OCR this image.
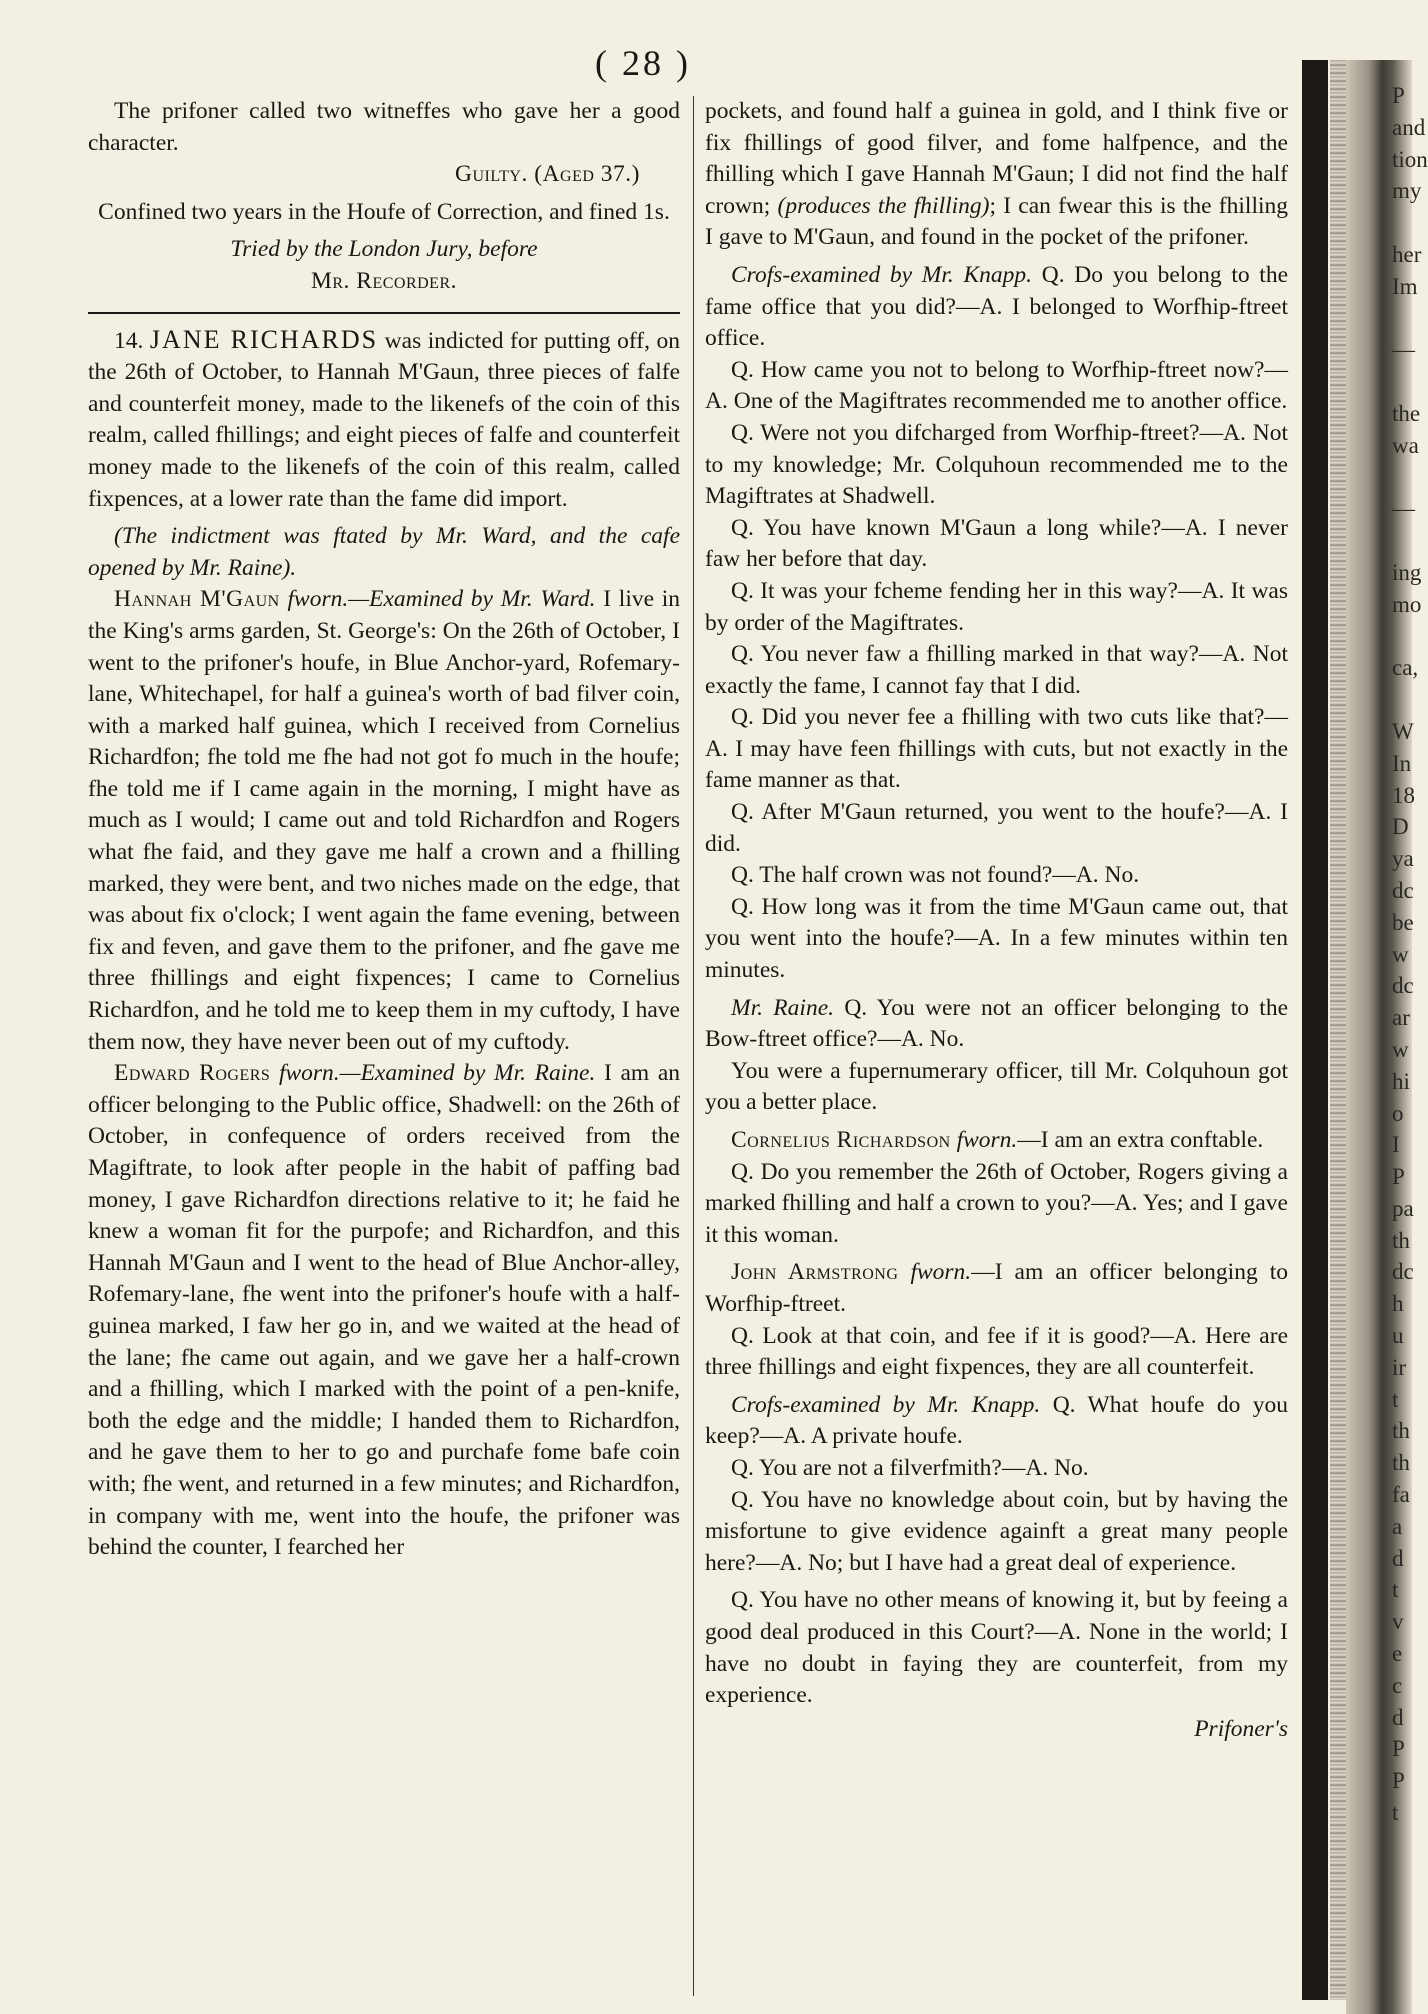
P
and
tion
my

her
Im

—

the
wa

—

ing
mo

ca,

W
In
18
D
ya
dc
be
w
dc
ar
w
hi
o
I
P
pa
th
dc
h
u
ir
t
th
th
fa
a
d
t
v
e
c
d
P
P
t
( 28 )

The prifoner called two witneffes who gave her a good character.

Guilty. (Aged 37.)

Confined two years in the Houfe of Correction, and fined 1s.

Tried by the London Jury, before

Mr. Recorder.

14. JANE RICHARDS was indicted for putting off, on the 26th of October, to Hannah M'Gaun, three pieces of falfe and counterfeit money, made to the likenefs of the coin of this realm, called fhillings; and eight pieces of falfe and counterfeit money made to the likenefs of the coin of this realm, called fixpences, at a lower rate than the fame did import.

(The indictment was ftated by Mr. Ward, and the cafe opened by Mr. Raine).

Hannah M'Gaun fworn.—Examined by Mr. Ward. I live in the King's arms garden, St. George's: On the 26th of October, I went to the prifoner's houfe, in Blue Anchor-yard, Rofemary-lane, Whitechapel, for half a guinea's worth of bad filver coin, with a marked half guinea, which I received from Cornelius Richardfon; fhe told me fhe had not got fo much in the houfe; fhe told me if I came again in the morning, I might have as much as I would; I came out and told Richardfon and Rogers what fhe faid, and they gave me half a crown and a fhilling marked, they were bent, and two niches made on the edge, that was about fix o'clock; I went again the fame evening, between fix and feven, and gave them to the prifoner, and fhe gave me three fhillings and eight fixpences; I came to Cornelius Richardfon, and he told me to keep them in my cuftody, I have them now, they have never been out of my cuftody.

Edward Rogers fworn.—Examined by Mr. Raine. I am an officer belonging to the Public office, Shadwell: on the 26th of October, in confequence of orders received from the Magiftrate, to look after people in the habit of paffing bad money, I gave Richardfon directions relative to it; he faid he knew a woman fit for the purpofe; and Richardfon, and this Hannah M'Gaun and I went to the head of Blue Anchor-alley, Rofemary-lane, fhe went into the prifoner's houfe with a half-guinea marked, I faw her go in, and we waited at the head of the lane; fhe came out again, and we gave her a half-crown and a fhilling, which I marked with the point of a pen-knife, both the edge and the middle; I handed them to Richardfon, and he gave them to her to go and purchafe fome bafe coin with; fhe went, and returned in a few minutes; and Richardfon, in company with me, went into the houfe, the prifoner was behind the counter, I fearched her

pockets, and found half a guinea in gold, and I think five or fix fhillings of good filver, and fome halfpence, and the fhilling which I gave Hannah M'Gaun; I did not find the half crown; (produces the fhilling); I can fwear this is the fhilling I gave to M'Gaun, and found in the pocket of the prifoner.

Crofs-examined by Mr. Knapp. Q. Do you belong to the fame office that you did?—A. I belonged to Worfhip-ftreet office.

Q. How came you not to belong to Worfhip-ftreet now?—A. One of the Magiftrates recommended me to another office.

Q. Were not you difcharged from Worfhip-ftreet?—A. Not to my knowledge; Mr. Colquhoun recommended me to the Magiftrates at Shadwell.

Q. You have known M'Gaun a long while?—A. I never faw her before that day.

Q. It was your fcheme fending her in this way?—A. It was by order of the Magiftrates.

Q. You never faw a fhilling marked in that way?—A. Not exactly the fame, I cannot fay that I did.

Q. Did you never fee a fhilling with two cuts like that?—A. I may have feen fhillings with cuts, but not exactly in the fame manner as that.

Q. After M'Gaun returned, you went to the houfe?—A. I did.

Q. The half crown was not found?—A. No.

Q. How long was it from the time M'Gaun came out, that you went into the houfe?—A. In a few minutes within ten minutes.

Mr. Raine. Q. You were not an officer belonging to the Bow-ftreet office?—A. No.

You were a fupernumerary officer, till Mr. Colquhoun got you a better place.

Cornelius Richardson fworn.—I am an extra conftable.

Q. Do you remember the 26th of October, Rogers giving a marked fhilling and half a crown to you?—A. Yes; and I gave it this woman.

John Armstrong fworn.—I am an officer belonging to Worfhip-ftreet.

Q. Look at that coin, and fee if it is good?—A. Here are three fhillings and eight fixpences, they are all counterfeit.

Crofs-examined by Mr. Knapp. Q. What houfe do you keep?—A. A private houfe.

Q. You are not a filverfmith?—A. No.

Q. You have no knowledge about coin, but by having the misfortune to give evidence againft a great many people here?—A. No; but I have had a great deal of experience.

Q. You have no other means of knowing it, but by feeing a good deal produced in this Court?—A. None in the world; I have no doubt in faying they are counterfeit, from my experience.

Prifoner's
